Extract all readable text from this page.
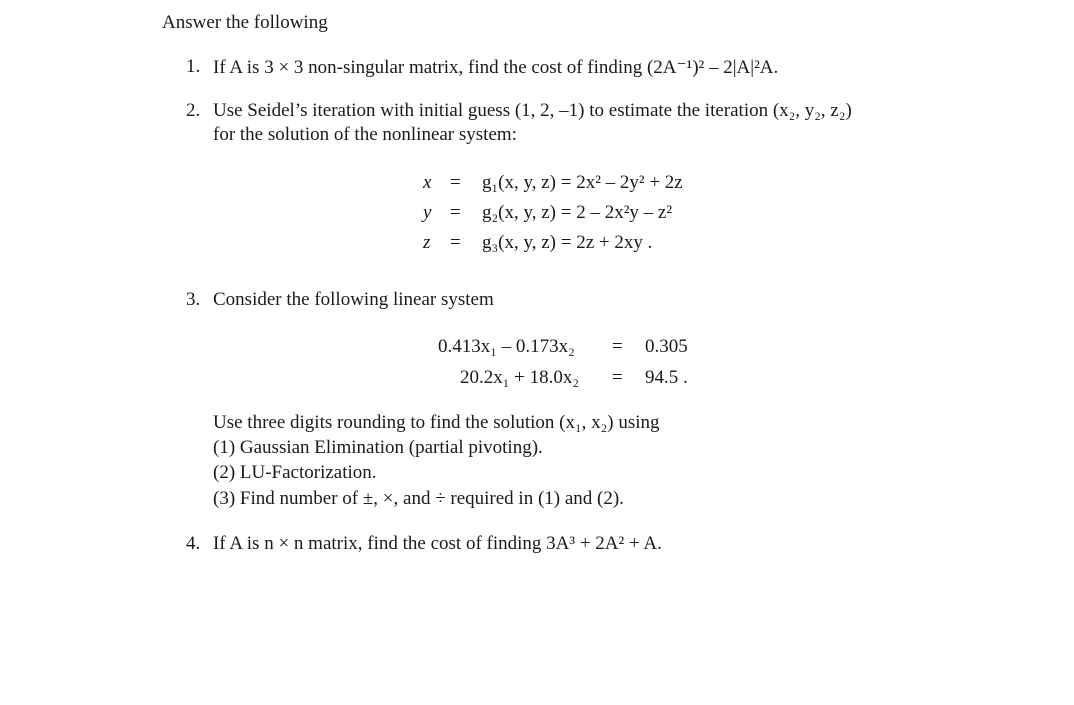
Answer the following
1. If A is 3 × 3 non-singular matrix, find the cost of finding (2A⁻¹)² – 2|A|²A.
2. Use Seidel’s iteration with initial guess (1, 2, –1) to estimate the iteration (x₂, y₂, z₂)
for the solution of the nonlinear system:
x = g₁(x, y, z) = 2x² – 2y² + 2z
y = g₂(x, y, z) = 2 – 2x²y – z²
z = g₃(x, y, z) = 2z + 2xy .
3. Consider the following linear system
0.413x₁ – 0.173x₂ = 0.305
20.2x₁ + 18.0x₂ = 94.5 .
Use three digits rounding to find the solution (x₁, x₂) using
(1) Gaussian Elimination (partial pivoting).
(2) LU-Factorization.
(3) Find number of ±, ×, and ÷ required in (1) and (2).
4. If A is n × n matrix, find the cost of finding 3A³ + 2A² + A.
